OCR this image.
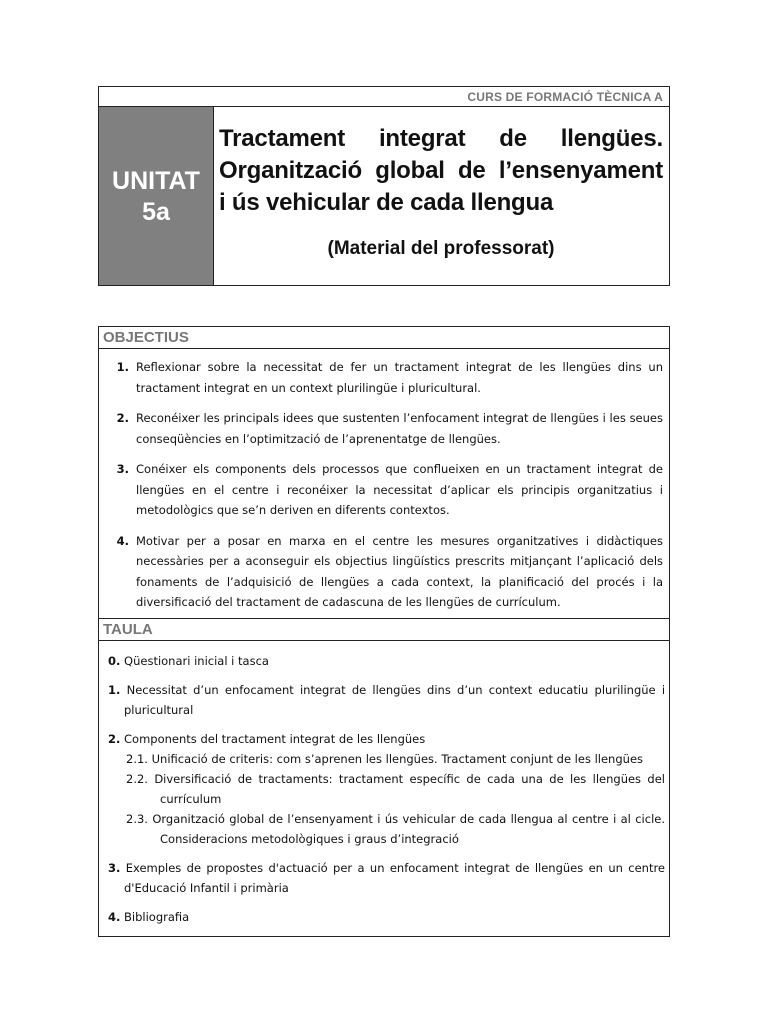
CURS DE FORMACIÓ TÈCNICA A
UNITAT
5a
Tractament integrat de llengües.
Organització global de l’ensenyament
i ús vehicular de cada llengua
(Material del professorat)
OBJECTIUS
1. Reflexionar sobre la necessitat de fer un tractament integrat de les llengües dins un tractament integrat en un context plurilingüe i pluricultural.
2. Reconéixer les principals idees que sustenten l’enfocament integrat de llengües i les seues conseqüències en l’optimització de l’aprenentatge de llengües.
3. Conéixer els components dels processos que conflueixen en un tractament integrat de llengües en el centre i reconéixer la necessitat d’aplicar els principis organitzatius i metodològics que se’n deriven en diferents contextos.
4. Motivar per a posar en marxa en el centre les mesures organitzatives i didàctiques necessàries per a aconseguir els objectius lingüístics prescrits mitjançant l’aplicació dels fonaments de l’adquisició de llengües a cada context, la planificació del procés i la diversificació del tractament de cadascuna de les llengües de currículum.
TAULA
0. Qüestionari inicial i tasca
1. Necessitat d’un enfocament integrat de llengües dins d’un context educatiu plurilingüe i pluricultural
2. Components del tractament integrat de les llengües
2.1. Unificació de criteris: com s’aprenen les llengües. Tractament conjunt de les llengües
2.2. Diversificació de tractaments: tractament específic de cada una de les llengües del currículum
2.3. Organització global de l’ensenyament i ús vehicular de cada llengua al centre i al cicle. Consideracions metodològiques i graus d’integració
3. Exemples de propostes d'actuació per a un enfocament integrat de llengües en un centre d'Educació Infantil i primària
4. Bibliografia
